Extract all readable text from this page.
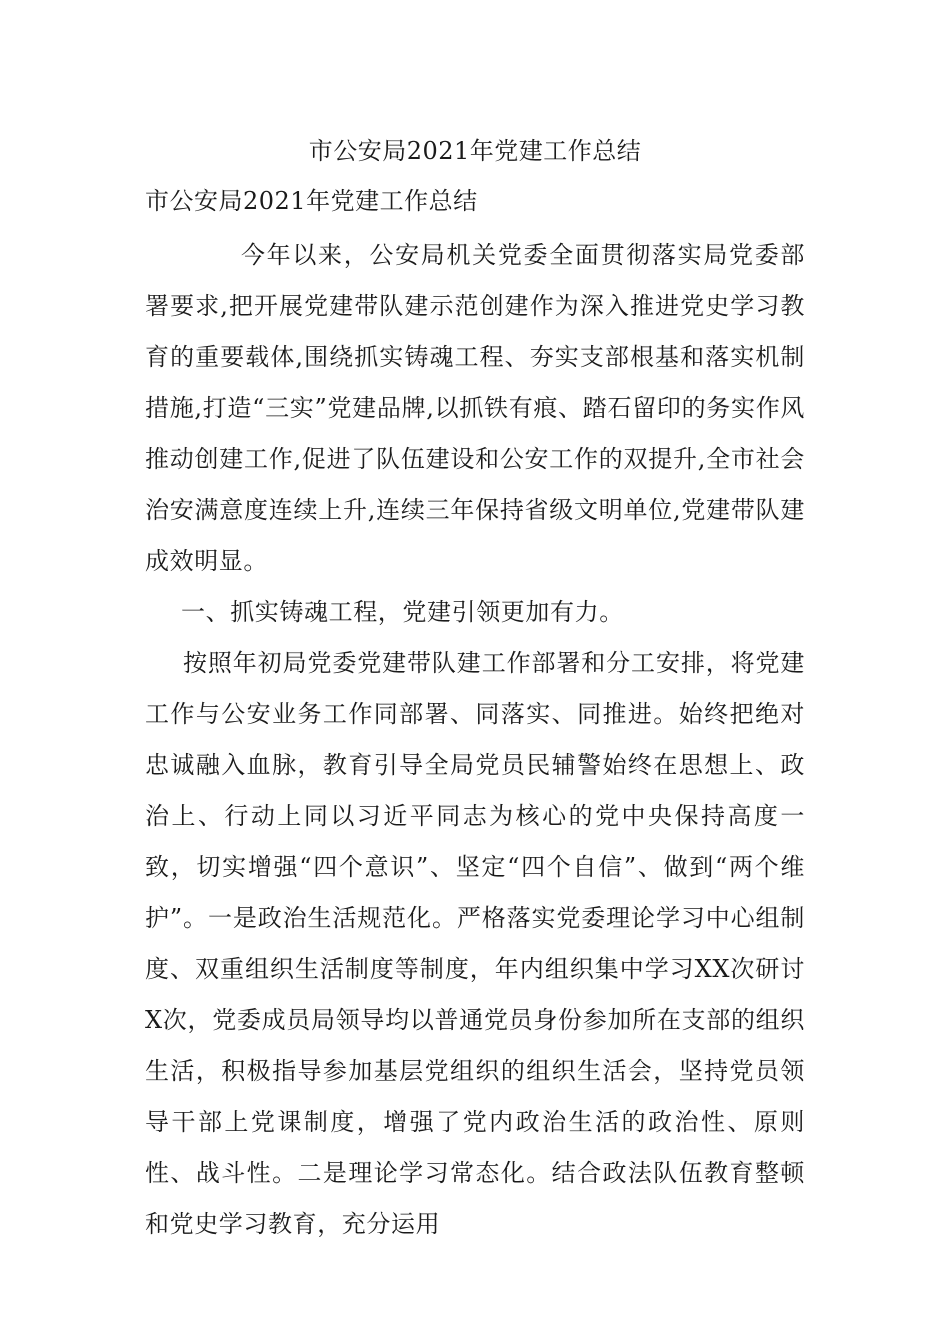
市公安局2021年党建工作总结
市公安局2021年党建工作总结

今年以来，公安局机关党委全面贯彻落实局党委部署要求,把开展党建带队建示范创建作为深入推进党史学习教育的重要载体,围绕抓实铸魂工程、夯实支部根基和落实机制措施,打造“三实”党建品牌,以抓铁有痕、踏石留印的务实作风推动创建工作,促进了队伍建设和公安工作的双提升,全市社会治安满意度连续上升,连续三年保持省级文明单位,党建带队建成效明显。

一、抓实铸魂工程，党建引领更加有力。

按照年初局党委党建带队建工作部署和分工安排，将党建工作与公安业务工作同部署、同落实、同推进。始终把绝对忠诚融入血脉，教育引导全局党员民辅警始终在思想上、政治上、行动上同以习近平同志为核心的党中央保持高度一致，切实增强“四个意识”、坚定“四个自信”、做到“两个维护”。一是政治生活规范化。严格落实党委理论学习中心组制度、双重组织生活制度等制度，年内组织集中学习XX次研讨X次，党委成员局领导均以普通党员身份参加所在支部的组织生活，积极指导参加基层党组织的组织生活会，坚持党员领导干部上党课制度，增强了党内政治生活的政治性、原则性、战斗性。二是理论学习常态化。结合政法队伍教育整顿和党史学习教育，充分运用
